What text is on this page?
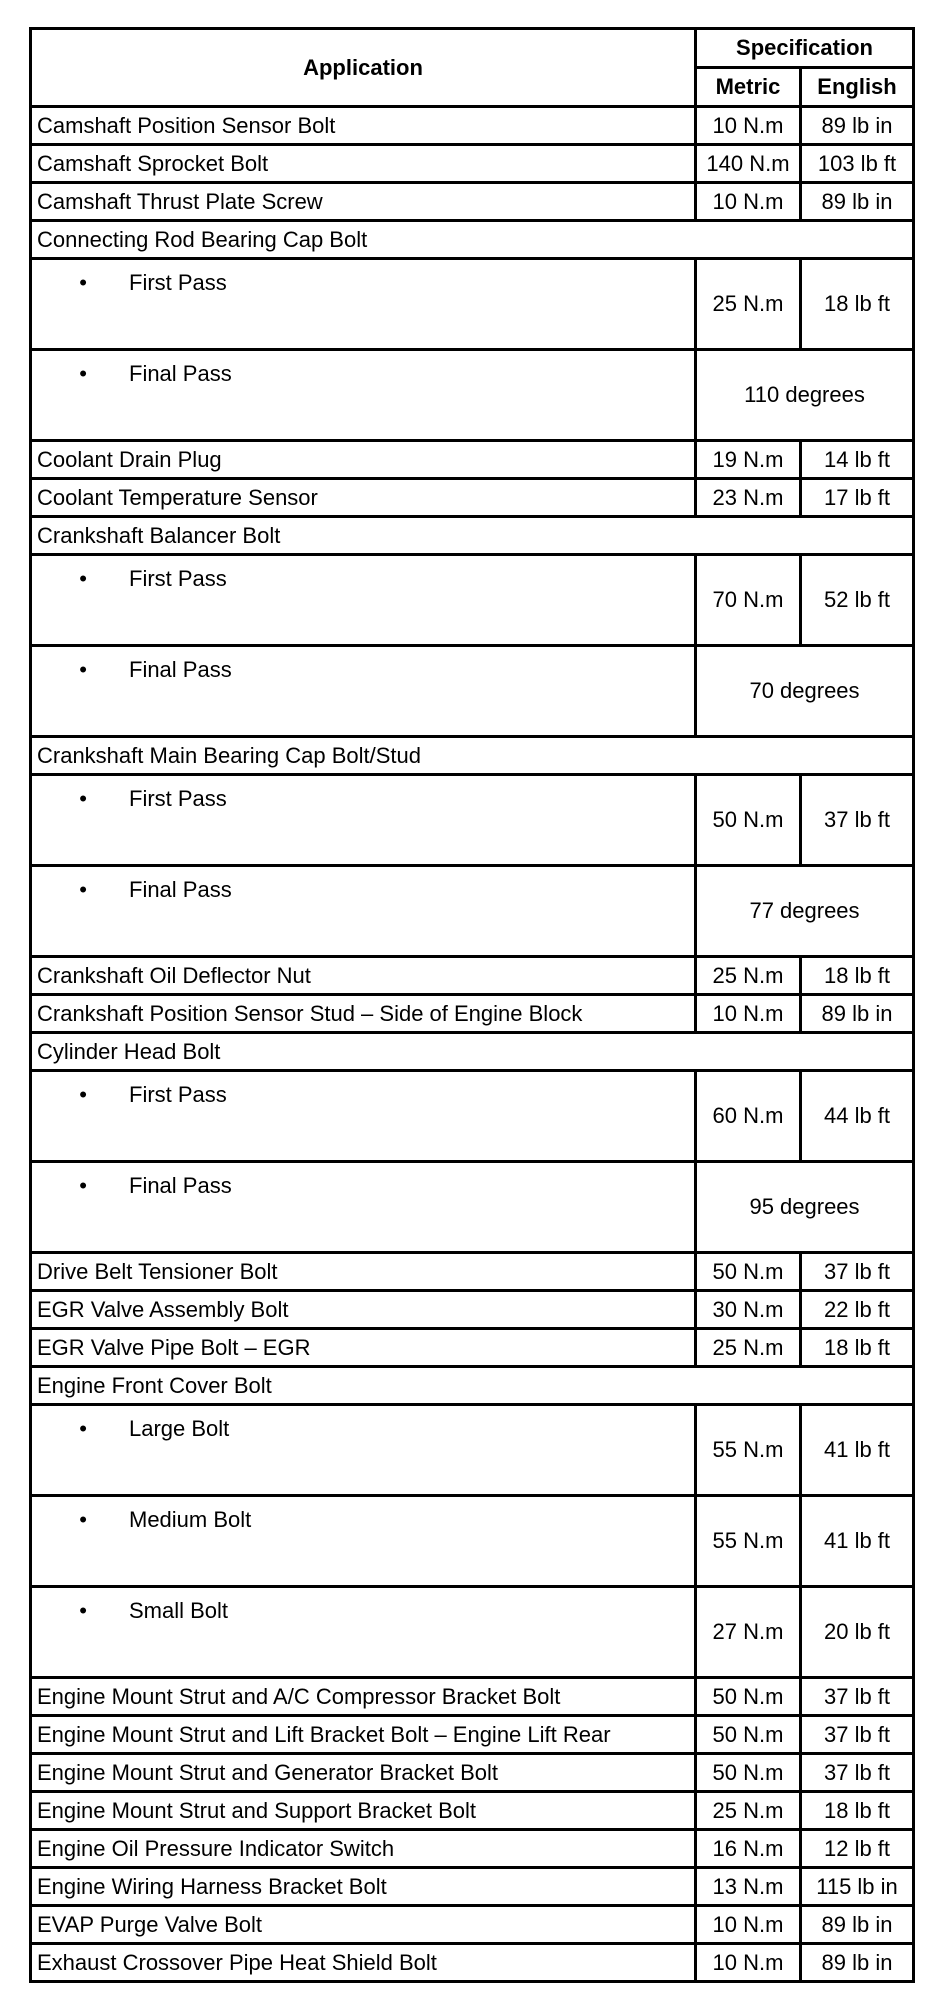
Application	Specification	
	Metric	English
Camshaft Position Sensor Bolt	10 N.m	89 lb in
Camshaft Sprocket Bolt	140 N.m	103 lb ft
Camshaft Thrust Plate Screw	10 N.m	89 lb in
Connecting Rod Bearing Cap Bolt		
• First Pass	25 N.m	18 lb ft
• Final Pass	110 degrees	
Coolant Drain Plug	19 N.m	14 lb ft
Coolant Temperature Sensor	23 N.m	17 lb ft
Crankshaft Balancer Bolt		
• First Pass	70 N.m	52 lb ft
• Final Pass	70 degrees	
Crankshaft Main Bearing Cap Bolt/Stud		
• First Pass	50 N.m	37 lb ft
• Final Pass	77 degrees	
Crankshaft Oil Deflector Nut	25 N.m	18 lb ft
Crankshaft Position Sensor Stud – Side of Engine Block	10 N.m	89 lb in
Cylinder Head Bolt		
• First Pass	60 N.m	44 lb ft
• Final Pass	95 degrees	
Drive Belt Tensioner Bolt	50 N.m	37 lb ft
EGR Valve Assembly Bolt	30 N.m	22 lb ft
EGR Valve Pipe Bolt – EGR	25 N.m	18 lb ft
Engine Front Cover Bolt		
• Large Bolt	55 N.m	41 lb ft
• Medium Bolt	55 N.m	41 lb ft
• Small Bolt	27 N.m	20 lb ft
Engine Mount Strut and A/C Compressor Bracket Bolt	50 N.m	37 lb ft
Engine Mount Strut and Lift Bracket Bolt – Engine Lift Rear	50 N.m	37 lb ft
Engine Mount Strut and Generator Bracket Bolt	50 N.m	37 lb ft
Engine Mount Strut and Support Bracket Bolt	25 N.m	18 lb ft
Engine Oil Pressure Indicator Switch	16 N.m	12 lb ft
Engine Wiring Harness Bracket Bolt	13 N.m	115 lb in
EVAP Purge Valve Bolt	10 N.m	89 lb in
Exhaust Crossover Pipe Heat Shield Bolt	10 N.m	89 lb in
